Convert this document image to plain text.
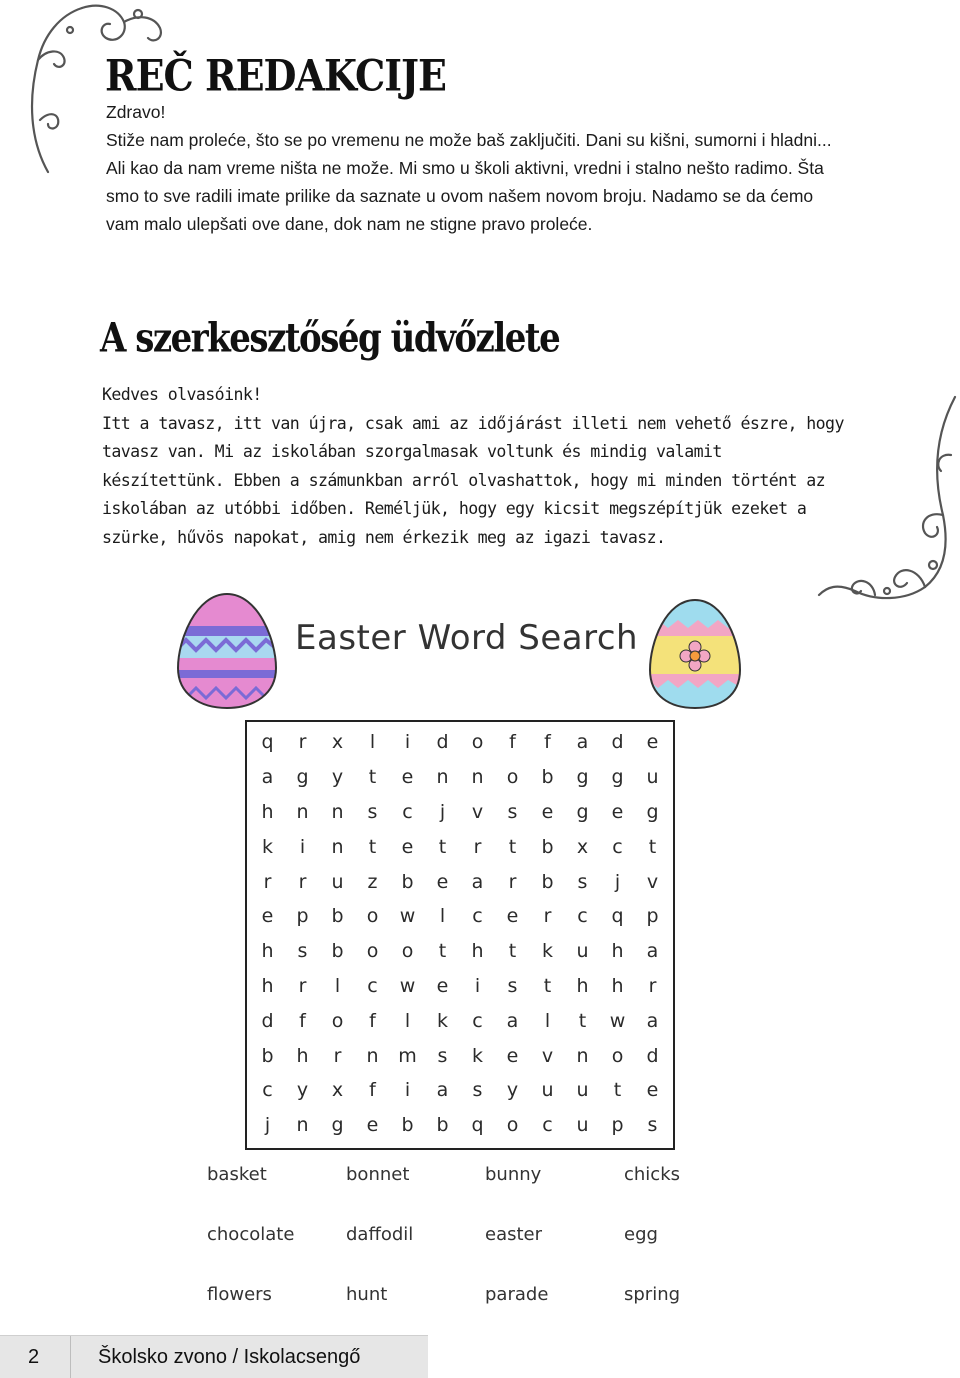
REČ REDAKCIJE

Zdravo!

Stiže nam proleće, što se po vremenu ne može baš zaključiti. Dani su kišni, sumorni i hladni... Ali kao da nam vreme ništa ne može. Mi smo u školi aktivni, vredni i stalno nešto radimo. Šta smo to sve radili imate prilike da saznate u ovom našem novom broju. Nadamo se da ćemo vam malo ulepšati ove dane, dok nam ne stigne pravo proleće.

A szerkesztőség üdvőzlete

Kedves olvasóink!

Itt a tavasz, itt van újra, csak ami az időjárást illeti nem vehető észre, hogy tavasz van. Mi az iskolában szorgalmasak voltunk és mindig valamit készítettünk. Ebben a számunkban arról olvashattok, hogy mi minden történt az iskolában az utóbbi időben. Reméljük, hogy egy kicsit megszépítjük ezeket a szürke, hűvös napokat, amig nem érkezik meg az igazi tavasz.

Easter Word Search
q	r	x	l	i	d	o	f	f	a	d	e
a	g	y	t	e	n	n	o	b	g	g	u
h	n	n	s	c	j	v	s	e	g	e	g
k	i	n	t	e	t	r	t	b	x	c	t
r	r	u	z	b	e	a	r	b	s	j	v
e	p	b	o	w	l	c	e	r	c	q	p
h	s	b	o	o	t	h	t	k	u	h	a
h	r	l	c	w	e	i	s	t	h	h	r
d	f	o	f	l	k	c	a	l	t	w	a
b	h	r	n	m	s	k	e	v	n	o	d
c	y	x	f	i	a	s	y	u	u	t	e
j	n	g	e	b	b	q	o	c	u	p	s
basket	bonnet	bunny	chicks
chocolate	daffodil	easter	egg
flowers	hunt	parade	spring
2	Školsko zvono / Iskolacsengő
